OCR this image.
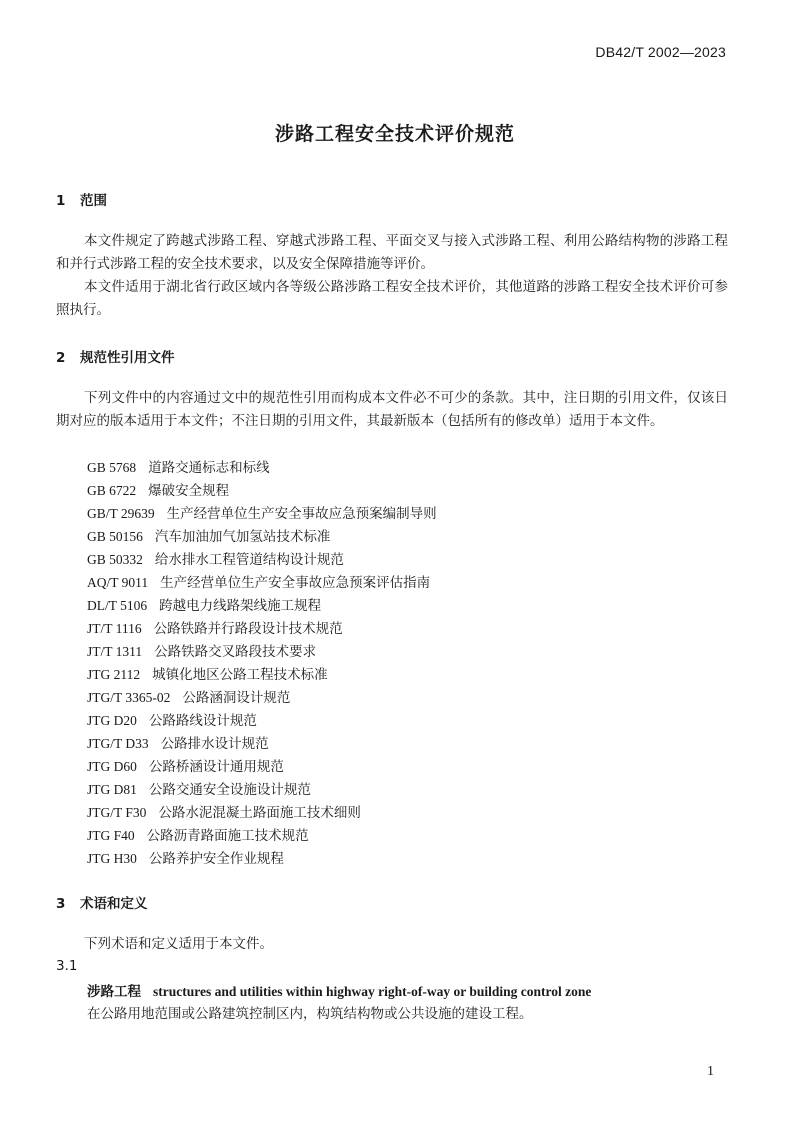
DB42/T 2002—2023
涉路工程安全技术评价规范
1 范围
本文件规定了跨越式涉路工程、穿越式涉路工程、平面交叉与接入式涉路工程、利用公路结构物的涉路工程和并行式涉路工程的安全技术要求，以及安全保障措施等评价。
本文件适用于湖北省行政区域内各等级公路涉路工程安全技术评价，其他道路的涉路工程安全技术评价可参照执行。
2 规范性引用文件
下列文件中的内容通过文中的规范性引用而构成本文件必不可少的条款。其中，注日期的引用文件，仅该日期对应的版本适用于本文件；不注日期的引用文件，其最新版本（包括所有的修改单）适用于本文件。
GB 5768 道路交通标志和标线
GB 6722 爆破安全规程
GB/T 29639 生产经营单位生产安全事故应急预案编制导则
GB 50156 汽车加油加气加氢站技术标准
GB 50332 给水排水工程管道结构设计规范
AQ/T 9011 生产经营单位生产安全事故应急预案评估指南
DL/T 5106 跨越电力线路架线施工规程
JT/T 1116 公路铁路并行路段设计技术规范
JT/T 1311 公路铁路交叉路段技术要求
JTG 2112 城镇化地区公路工程技术标准
JTG/T 3365-02 公路涵洞设计规范
JTG D20 公路路线设计规范
JTG/T D33 公路排水设计规范
JTG D60 公路桥涵设计通用规范
JTG D81 公路交通安全设施设计规范
JTG/T F30 公路水泥混凝土路面施工技术细则
JTG F40 公路沥青路面施工技术规范
JTG H30 公路养护安全作业规程
3 术语和定义
下列术语和定义适用于本文件。
3.1
涉路工程 structures and utilities within highway right-of-way or building control zone
在公路用地范围或公路建筑控制区内，构筑结构物或公共设施的建设工程。
1
